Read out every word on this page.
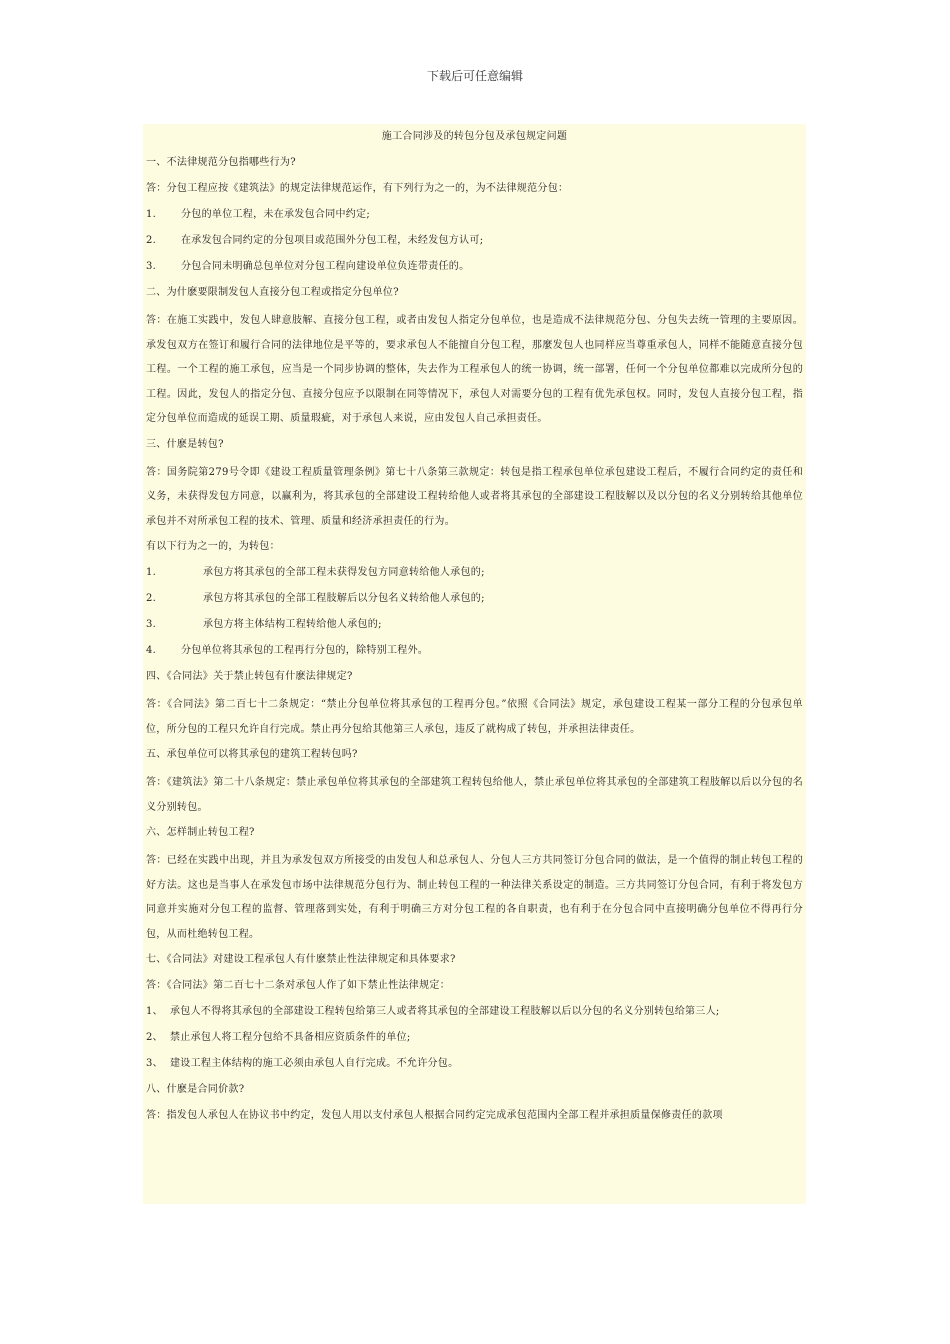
下载后可任意编辑
施工合同涉及的转包分包及承包规定问题
一、不法律规范分包指哪些行为?
答：分包工程应按《建筑法》的规定法律规范运作，有下列行为之一的，为不法律规范分包：
1. 分包的单位工程，未在承发包合同中约定;
2. 在承发包合同约定的分包项目或范围外分包工程，未经发包方认可;
3. 分包合同未明确总包单位对分包工程向建设单位负连带责任的。
二、为什麽要限制发包人直接分包工程或指定分包单位?
答：在施工实践中，发包人肆意肢解、直接分包工程，或者由发包人指定分包单位，也是造成不法律规范分包、分包失去统一管理的主要原因。承发包双方在签订和履行合同的法律地位是平等的，要求承包人不能擅自分包工程，那麼发包人也同样应当尊重承包人，同样不能随意直接分包工程。一个工程的施工承包，应当是一个同步协调的整体，失去作为工程承包人的统一协调，统一部署，任何一个分包单位都难以完成所分包的工程。因此，发包人的指定分包、直接分包应予以限制在同等情况下，承包人对需要分包的工程有优先承包权。同时，发包人直接分包工程，指定分包单位而造成的延误工期、质量瑕疵，对于承包人来说，应由发包人自己承担责任。
三、什麽是转包?
答：国务院第279号令即《建设工程质量管理条例》第七十八条第三款规定：转包是指工程承包单位承包建设工程后，不履行合同约定的责任和义务，未获得发包方同意，以赢利为，将其承包的全部建设工程转给他人或者将其承包的全部建设工程肢解以及以分包的名义分别转给其他单位承包并不对所承包工程的技术、管理、质量和经济承担责任的行为。
有以下行为之一的，为转包：
1.	承包方将其承包的全部工程未获得发包方同意转给他人承包的;
2.	承包方将其承包的全部工程肢解后以分包名义转给他人承包的;
3.	承包方将主体结构工程转给他人承包的;
4. 分包单位将其承包的工程再行分包的，除特别工程外。
四、《合同法》关于禁止转包有什麽法律规定?
答：《合同法》第二百七十二条规定：“禁止分包单位将其承包的工程再分包。”依照《合同法》规定，承包建设工程某一部分工程的分包承包单位，所分包的工程只允许自行完成。禁止再分包给其他第三人承包，违反了就构成了转包，并承担法律责任。
五、承包单位可以将其承包的建筑工程转包吗?
答：《建筑法》第二十八条规定：禁止承包单位将其承包的全部建筑工程转包给他人，禁止承包单位将其承包的全部建筑工程肢解以后以分包的名义分别转包。
六、怎样制止转包工程?
答：已经在实践中出现，并且为承发包双方所接受的由发包人和总承包人、分包人三方共同签订分包合同的做法，是一个值得的制止转包工程的好方法。这也是当事人在承发包市场中法律规范分包行为、制止转包工程的一种法律关系设定的制造。三方共同签订分包合同，有利于将发包方同意并实施对分包工程的监督、管理落到实处，有利于明确三方对分包工程的各自职责，也有利于在分包合同中直接明确分包单位不得再行分包，从而杜绝转包工程。
七、《合同法》对建设工程承包人有什麽禁止性法律规定和具体要求?
答：《合同法》第二百七十二条对承包人作了如下禁止性法律规定：
1、 承包人不得将其承包的全部建设工程转包给第三人或者将其承包的全部建设工程肢解以后以分包的名义分别转包给第三人;
2、 禁止承包人将工程分包给不具备相应资质条件的单位;
3、 建设工程主体结构的施工必须由承包人自行完成。不允许分包。
八、什麽是合同价款?
答：指发包人承包人在协议书中约定，发包人用以支付承包人根据合同约定完成承包范围内全部工程并承担质量保修责任的款项
